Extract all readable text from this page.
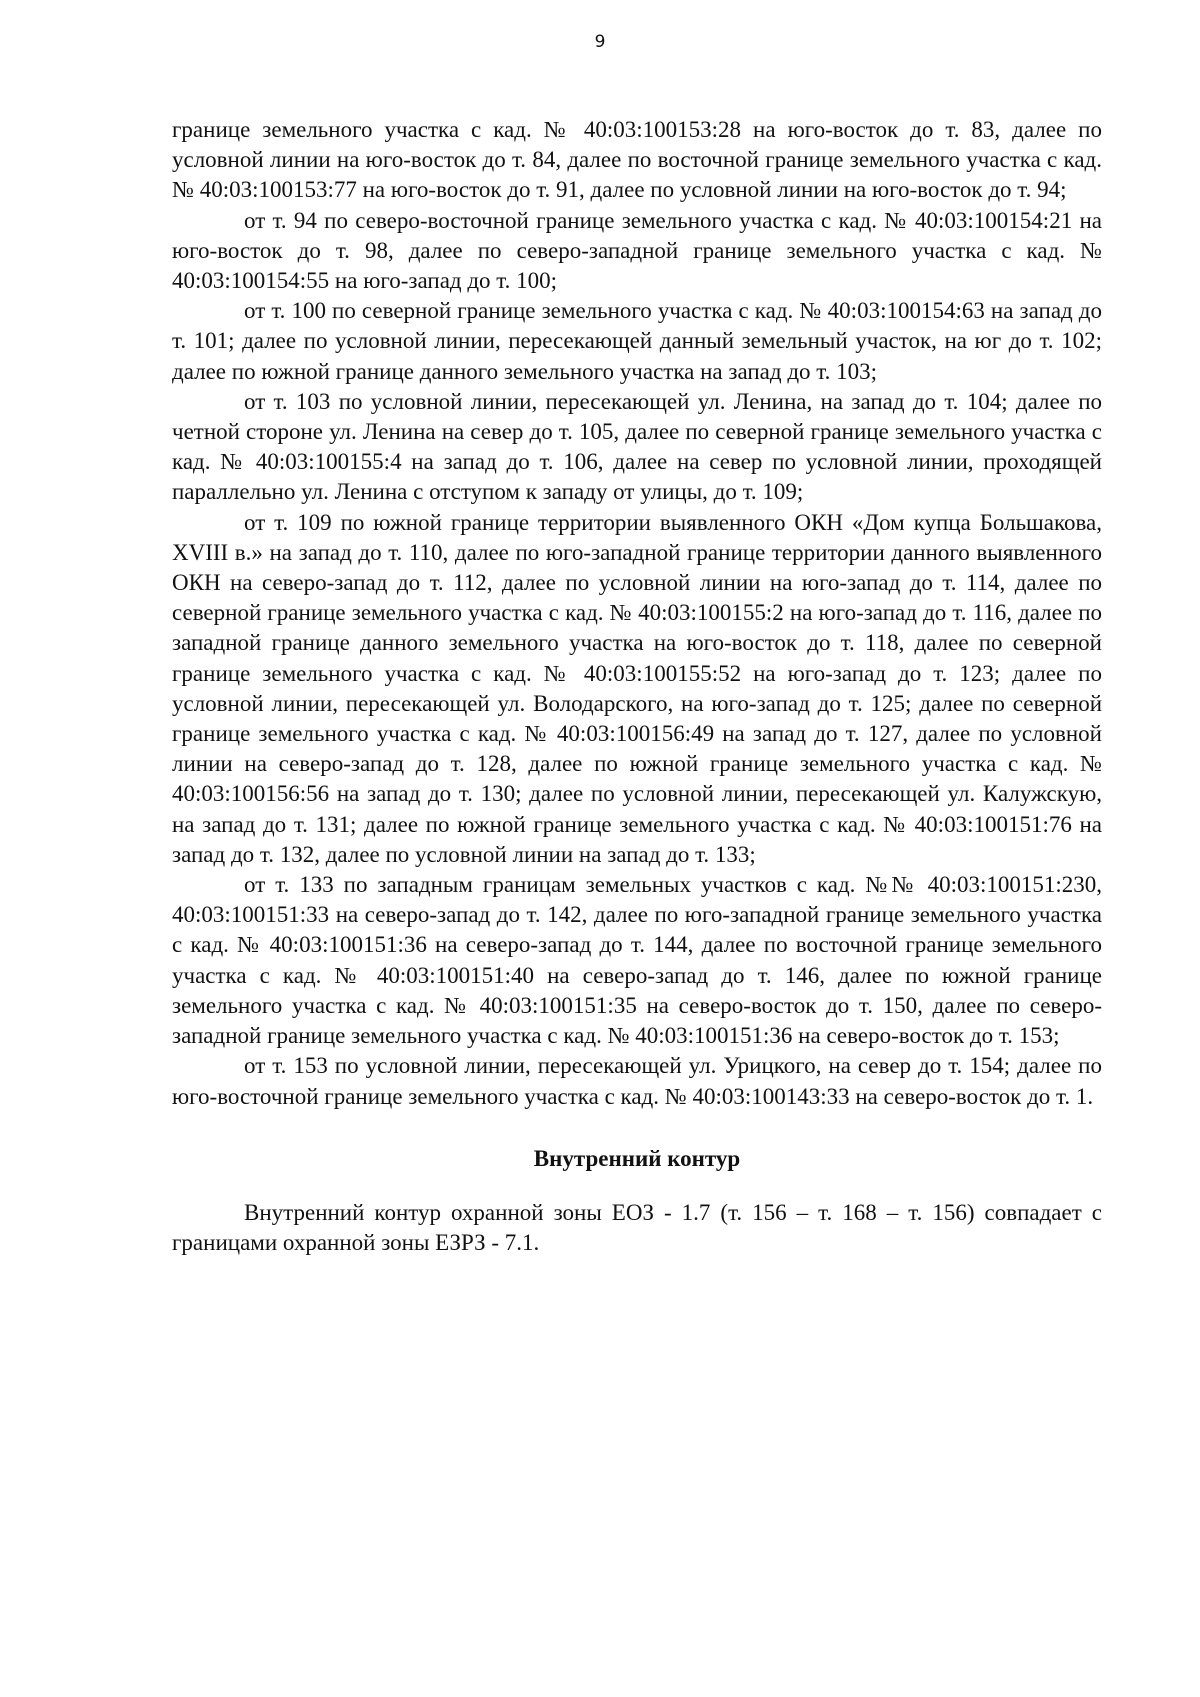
9

границе земельного участка с кад. № 40:03:100153:28 на юго-восток до т. 83, далее по условной линии на юго-восток до т. 84, далее по восточной границе земельного участка с кад. № 40:03:100153:77 на юго-восток до т. 91, далее по условной линии на юго-восток до т. 94;

от т. 94 по северо-восточной границе земельного участка с кад. № 40:03:100154:21 на юго-восток до т. 98, далее по северо-западной границе земельного участка с кад. № 40:03:100154:55 на юго-запад до т. 100;

от т. 100 по северной границе земельного участка с кад. № 40:03:100154:63 на запад до т. 101; далее по условной линии, пересекающей данный земельный участок, на юг до т. 102; далее по южной границе данного земельного участка на запад до т. 103;

от т. 103 по условной линии, пересекающей ул. Ленина, на запад до т. 104; далее по четной стороне ул. Ленина на север до т. 105, далее по северной границе земельного участка с кад. № 40:03:100155:4 на запад до т. 106, далее на север по условной линии, проходящей параллельно ул. Ленина с отступом к западу от улицы, до т. 109;

от т. 109 по южной границе территории выявленного ОКН «Дом купца Большакова, XVIII в.» на запад до т. 110, далее по юго-западной границе территории данного выявленного ОКН на северо-запад до т. 112, далее по условной линии на юго-запад до т. 114, далее по северной границе земельного участка с кад. № 40:03:100155:2 на юго-запад до т. 116, далее по западной границе данного земельного участка на юго-восток до т. 118, далее по северной границе земельного участка с кад. № 40:03:100155:52 на юго-запад до т. 123; далее по условной линии, пересекающей ул. Володарского, на юго-запад до т. 125; далее по северной границе земельного участка с кад. № 40:03:100156:49 на запад до т. 127, далее по условной линии на северо-запад до т. 128, далее по южной границе земельного участка с кад. № 40:03:100156:56 на запад до т. 130; далее по условной линии, пересекающей ул. Калужскую, на запад до т. 131; далее по южной границе земельного участка с кад. № 40:03:100151:76 на запад до т. 132, далее по условной линии на запад до т. 133;

от т. 133 по западным границам земельных участков с кад. №№ 40:03:100151:230, 40:03:100151:33 на северо-запад до т. 142, далее по юго-западной границе земельного участка с кад. № 40:03:100151:36 на северо-запад до т. 144, далее по восточной границе земельного участка с кад. № 40:03:100151:40 на северо-запад до т. 146, далее по южной границе земельного участка с кад. № 40:03:100151:35 на северо-восток до т. 150, далее по северо-западной границе земельного участка с кад. № 40:03:100151:36 на северо-восток до т. 153;

от т. 153 по условной линии, пересекающей ул. Урицкого, на север до т. 154; далее по юго-восточной границе земельного участка с кад. № 40:03:100143:33 на северо-восток до т. 1.

Внутренний контур

Внутренний контур охранной зоны ЕОЗ - 1.7 (т. 156 – т. 168 – т. 156) совпадает с границами охранной зоны ЕЗРЗ - 7.1.
